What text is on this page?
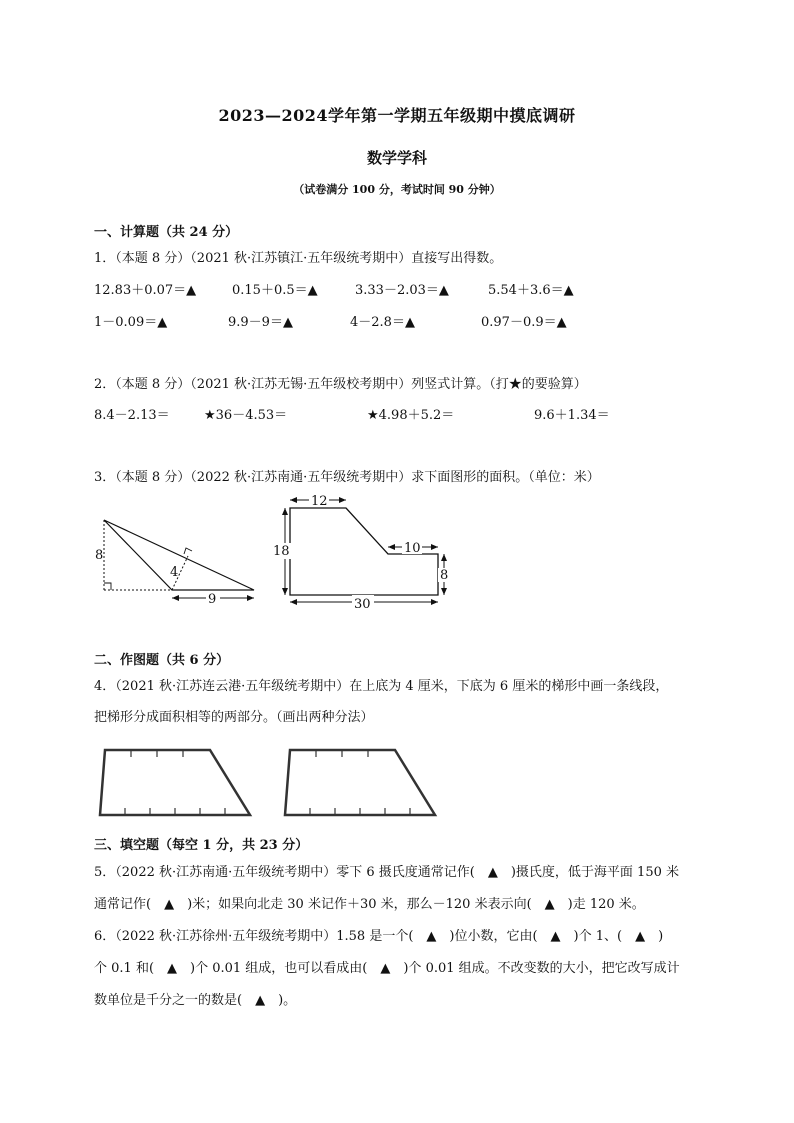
2023—2024学年第一学期五年级期中摸底调研
数学学科
（试卷满分 100 分，考试时间 90 分钟）
一、计算题（共 24 分）
1．（本题 8 分）（2021 秋·江苏镇江·五年级统考期中）直接写出得数。
12.83＋0.07＝▲	0.15＋0.5＝▲	3.33－2.03＝▲	5.54＋3.6＝▲
1－0.09＝▲	9.9－9＝▲	4－2.8＝▲	0.97－0.9＝▲
2．（本题 8 分）（2021 秋·江苏无锡·五年级校考期中）列竖式计算。（打★的要验算）
8.4－2.13＝	★36－4.53＝	★4.98＋5.2＝	9.6＋1.34＝
3．（本题 8 分）（2022 秋·江苏南通·五年级统考期中）求下面图形的面积。（单位：米）
8
4
9
12
18	10
8
30
二、作图题（共 6 分）
4．（2021 秋·江苏连云港·五年级统考期中）在上底为 4 厘米，下底为 6 厘米的梯形中画一条线段，
把梯形分成面积相等的两部分。（画出两种分法）
三、填空题（每空 1 分，共 23 分）
5．（2022 秋·江苏南通·五年级统考期中）零下 6 摄氏度通常记作(　▲　)摄氏度，低于海平面 150 米
通常记作(　▲　)米；如果向北走 30 米记作＋30 米，那么－120 米表示向(　▲　)走 120 米。
6．（2022 秋·江苏徐州·五年级统考期中）1.58 是一个(　▲　)位小数，它由(　▲　)个 1、(　▲　)
个 0.1 和(　▲　)个 0.01 组成，也可以看成由(　▲　)个 0.01 组成。不改变数的大小，把它改写成计
数单位是千分之一的数是(　▲　)。
